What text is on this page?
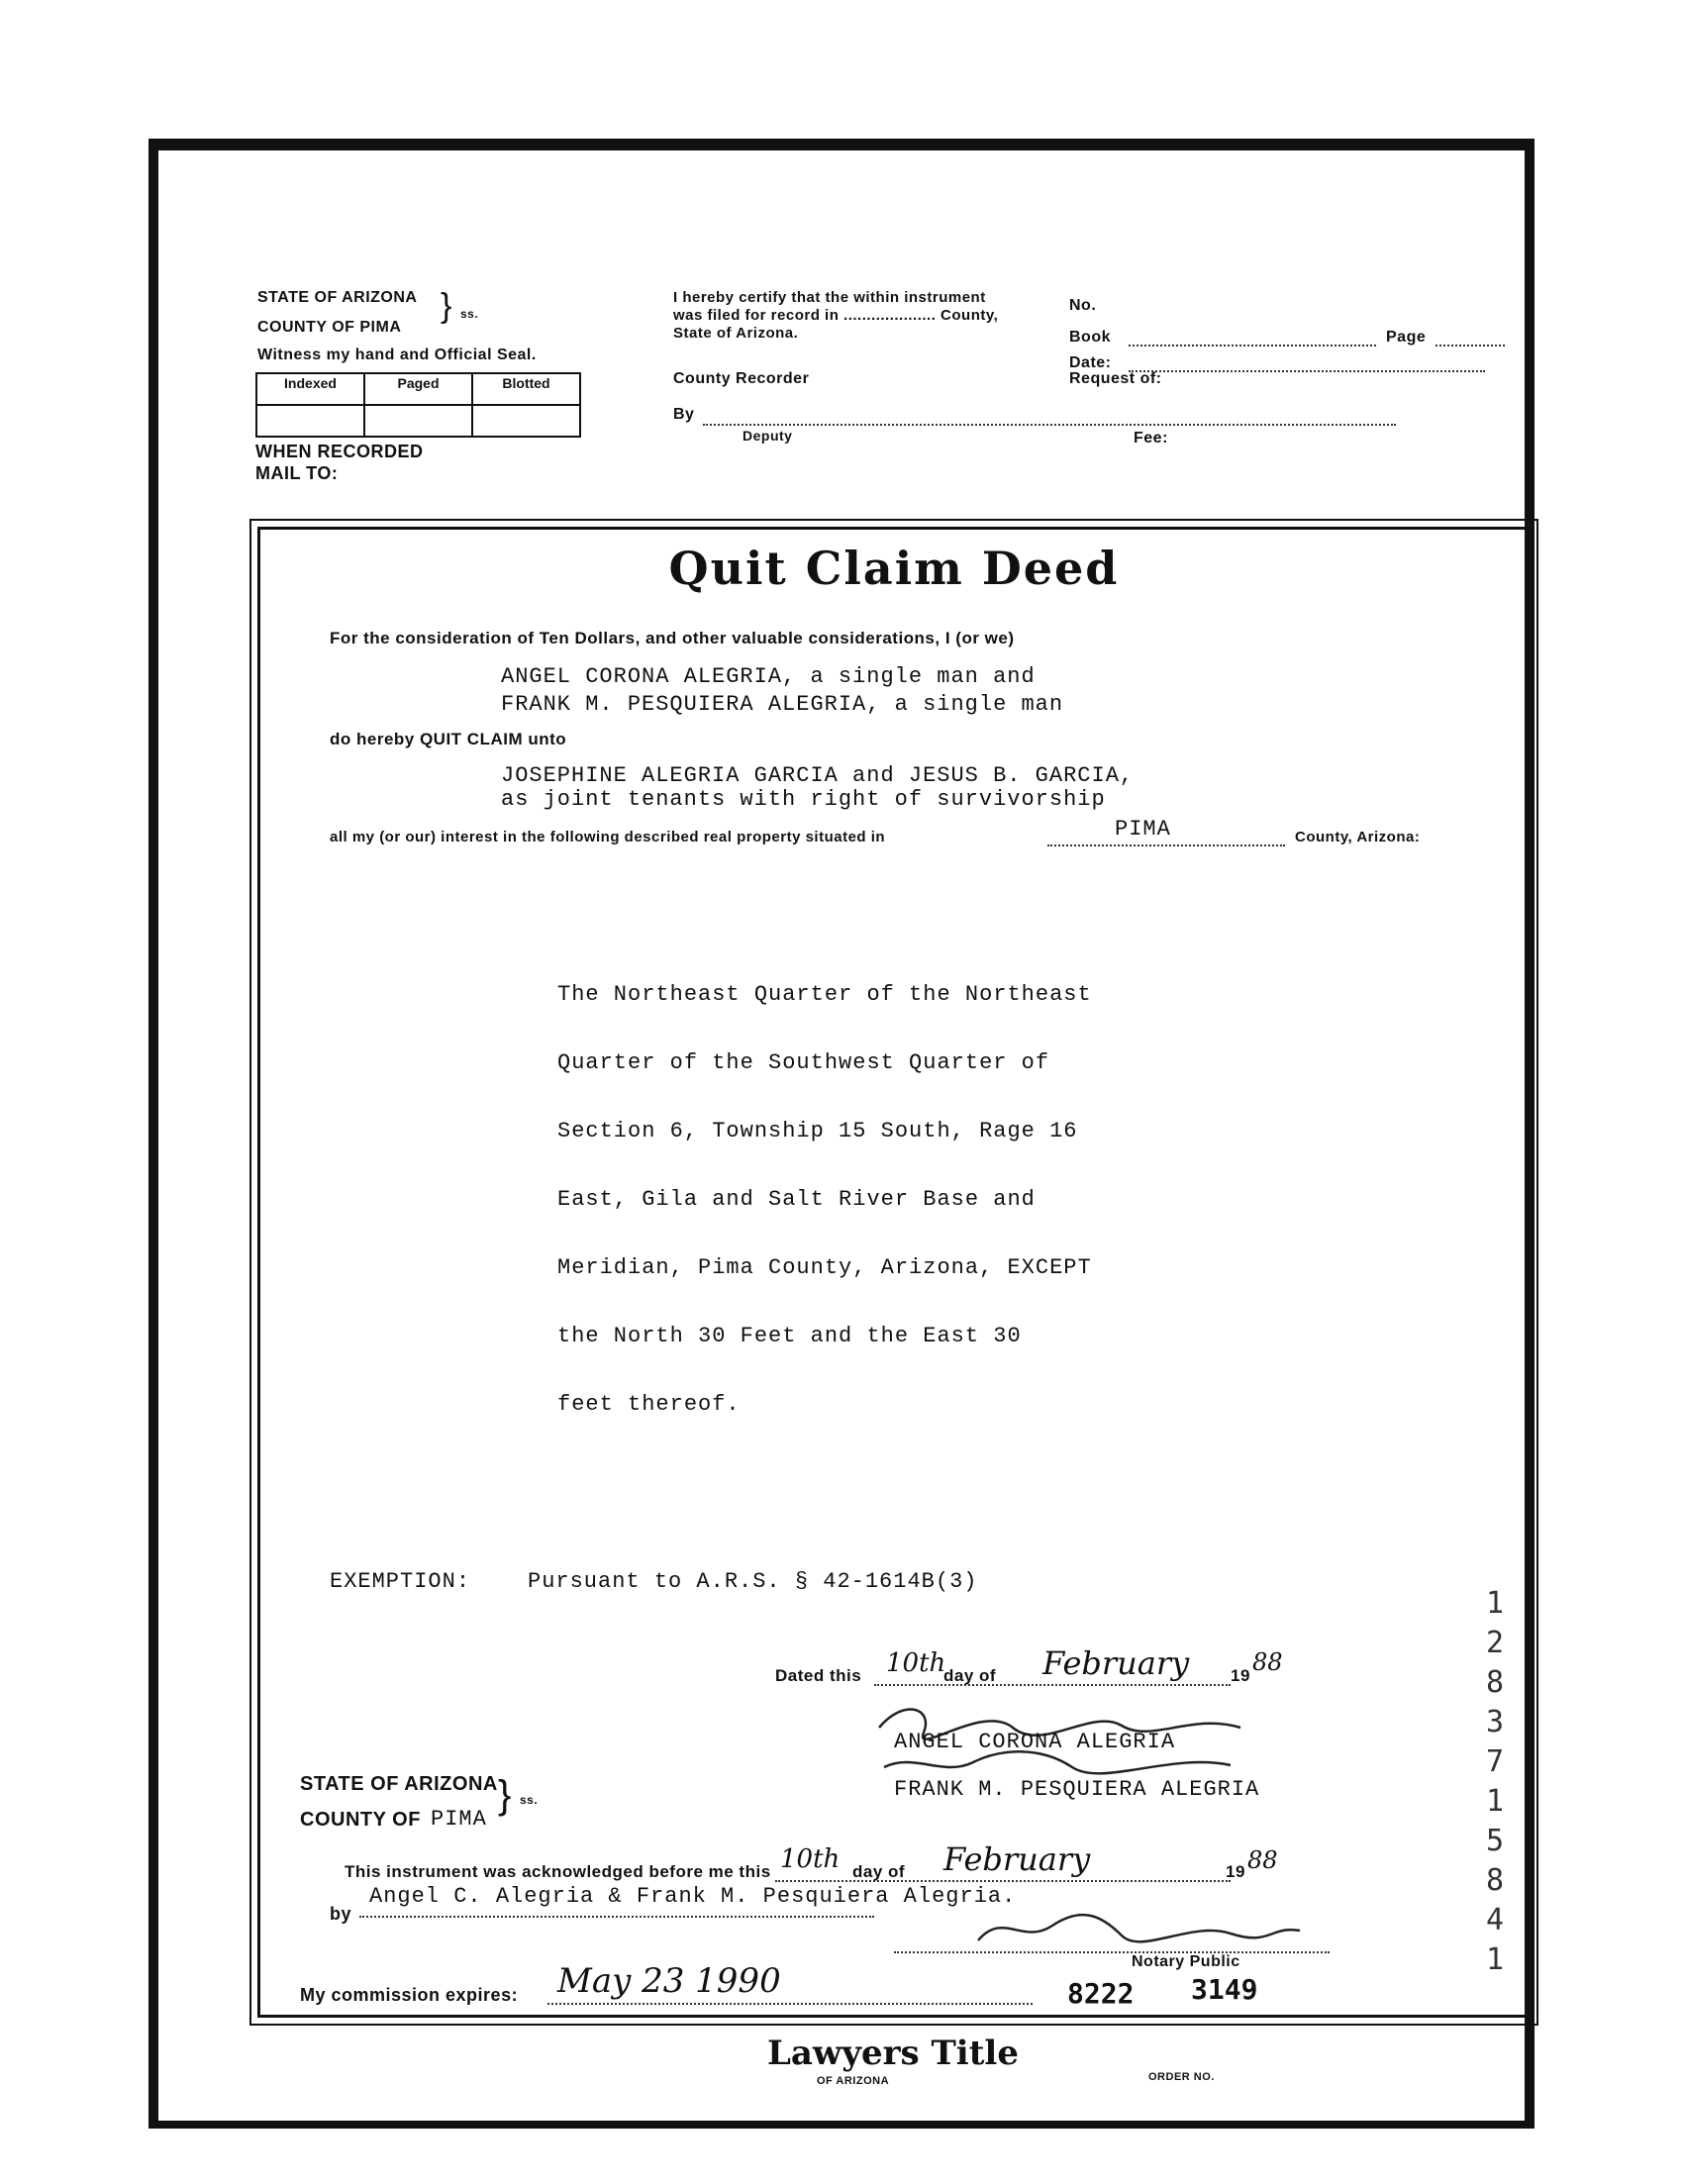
STATE OF ARIZONA
COUNTY OF PIMA
} ss.
Witness my hand and Official Seal.
Indexed	Paged	Blotted

WHEN RECORDED
MAIL TO:
I hereby certify that the within instrument was filed for record in .................... County, State of Arizona.
County Recorder
By
Deputy
No.
Book	Page
Date:
Request of:
Fee:
Quit Claim Deed
For the consideration of Ten Dollars, and other valuable considerations, I (or we)
ANGEL CORONA ALEGRIA, a single man and
FRANK M. PESQUIERA ALEGRIA, a single man
do hereby QUIT CLAIM unto
JOSEPHINE ALEGRIA GARCIA and JESUS B. GARCIA,
as joint tenants with right of survivorship
all my (or our) interest in the following described real property situated in	PIMA	County, Arizona:

The Northeast Quarter of the Northeast

Quarter of the Southwest Quarter of

Section 6, Township 15 South, Rage 16

East, Gila and Salt River Base and

Meridian, Pima County, Arizona, EXCEPT

the North 30 Feet and the East 30

feet thereof.

EXEMPTION:	Pursuant to A.R.S. § 42-1614B(3)
Dated this 10th
day of February 19 88
ANGEL CORONA ALEGRIA
FRANK M. PESQUIERA ALEGRIA
STATE OF ARIZONA
COUNTY OF PIMA
} ss.
This instrument was acknowledged before me this 10th day of February	19 88
by
Angel C. Alegria & Frank M. Pesquiera Alegria.
Notary Public
My commission expires: May 23 1990	8222 3149
Lawyers Title
OF ARIZONA	ORDER NO.
1283715841
